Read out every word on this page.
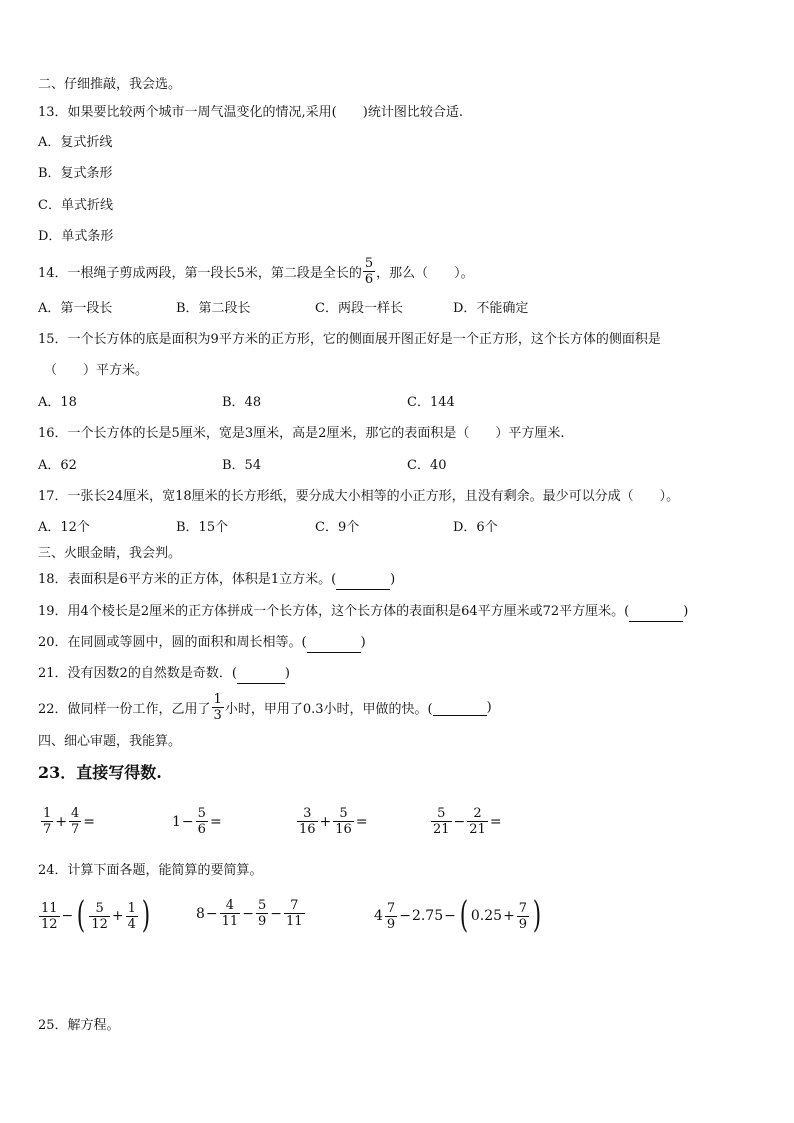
二、仔细推敲，我会选。
13．如果要比较两个城市一周气温变化的情况,采用(　　)统计图比较合适.
A．复式折线
B．复式条形
C．单式折线
D．单式条形
14．一根绳子剪成两段，第一段长5米，第二段是全长的 $\frac{5}{6}$ ，那么（　　）。
A．第一段长	B．第二段长	C．两段一样长	D．不能确定
15．一个长方体的底是面积为9平方米的正方形，它的侧面展开图正好是一个正方形，这个长方体的侧面积是
（　　）平方米。
A．18	B．48	C．144
16．一个长方体的长是5厘米，宽是3厘米，高是2厘米，那它的表面积是（　　）平方厘米.
A．62	B．54	C．40
17．一张长24厘米，宽18厘米的长方形纸，要分成大小相等的小正方形，且没有剩余。最少可以分成（　　）。
A．12个	B．15个	C．9个	D．6个
三、火眼金睛，我会判。
18．表面积是6平方米的正方体，体积是1立方米。(	)
19．用4个棱长是2厘米的正方体拼成一个长方体，这个长方体的表面积是64平方厘米或72平方厘米。(	)
20．在同圆或等圆中，圆的面积和周长相等。(	)
21．没有因数2的自然数是奇数．(	)
22．做同样一份工作，乙用了 $\frac{1}{3}$ 小时，甲用了0.3小时，甲做的快。(
	)
四、细心审题，我能算。
23．直接写得数.
$\frac{1}{7} + \frac{4}{7}$ =	$1 - \frac{5}{6}$ =	$\frac{3}{16} + \frac{5}{16}$ =	$\frac{5}{21} - \frac{2}{21}$ =
24．计算下面各题，能简算的要简算。
$\frac{11}{12}$ − ( $\frac{5}{12} + \frac{1}{4}$ )	$8 - \frac{4}{11} - \frac{5}{9} - \frac{7}{11}$	$4 \frac{7}{9} - 2.75$ − ( $0.25 + \frac{7}{9}$ )
25．解方程。
